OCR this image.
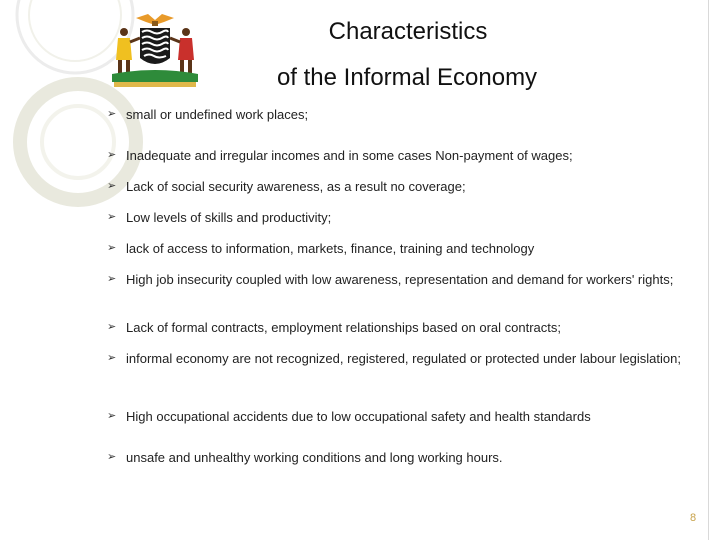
Characteristics
of the Informal Economy
➢ small or undefined work places;
➢ Inadequate and irregular incomes and in some cases Non-payment of wages;
➢ Lack of social security awareness, as a result no coverage;
➢ Low levels of skills and productivity;
➢ lack of access to information, markets, finance, training and technology
➢ High job insecurity coupled with low awareness, representation and demand for workers' rights;
➢ Lack of formal contracts, employment relationships based on oral contracts;
➢ informal economy are not recognized, registered, regulated or protected under labour legislation;
➢ High occupational accidents due to low occupational safety and health standards
➢ unsafe and unhealthy working conditions and long working hours.
8
